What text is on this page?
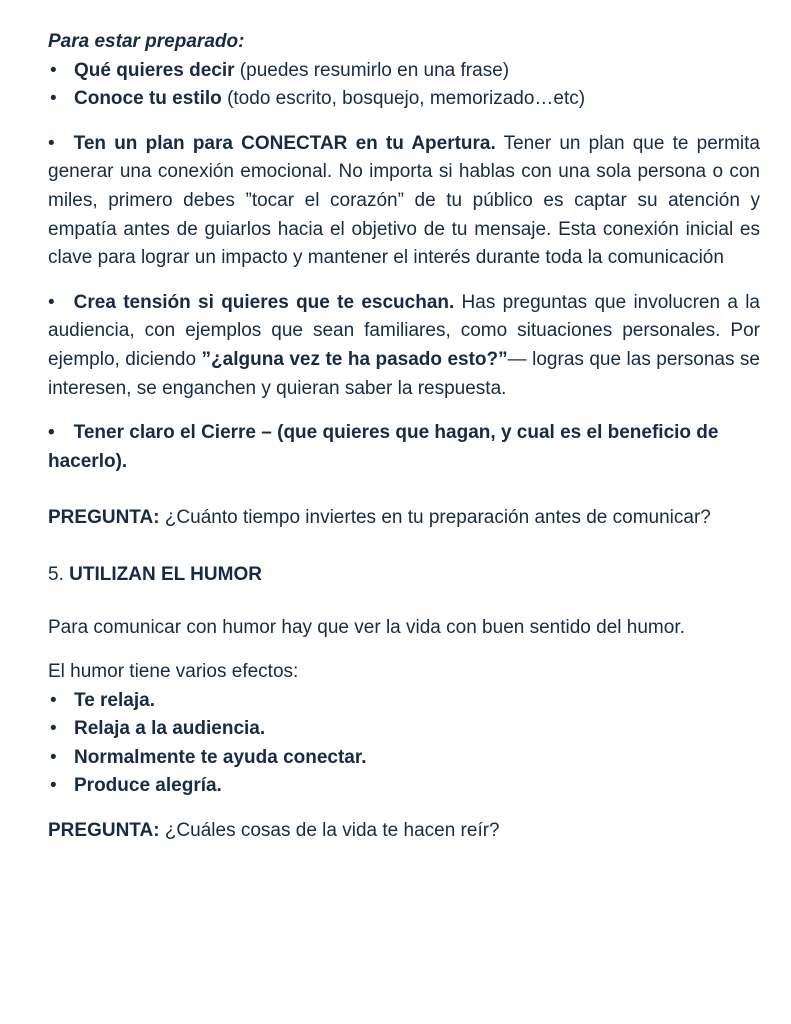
Para estar preparado:

• Qué quieres decir (puedes resumirlo en una frase)
• Conoce tu estilo (todo escrito, bosquejo, memorizado…etc)

•   Ten un plan para CONECTAR en tu Apertura. Tener un plan que te permita generar una conexión emocional. No importa si hablas con una sola persona o con miles, primero debes ”tocar el corazón” de tu público es captar su atención y empatía antes de guiarlos hacia el objetivo de tu mensaje. Esta conexión inicial es clave para lograr un impacto y mantener el interés durante toda la comunicación

•   Crea tensión si quieres que te escuchan. Has preguntas que involucren a la audiencia, con ejemplos que sean familiares, como situaciones personales. Por ejemplo, diciendo ”¿alguna vez te ha pasado esto?”— logras que las personas se interesen, se enganchen y quieran saber la respuesta.

•   Tener claro el Cierre – (que quieres que hagan, y cual es el beneficio de hacerlo).

PREGUNTA: ¿Cuánto tiempo inviertes en tu preparación antes de comunicar?

5. UTILIZAN EL HUMOR

Para comunicar con humor hay que ver la vida con buen sentido del humor.

El humor tiene varios efectos:

• Te relaja.
• Relaja a la audiencia.
• Normalmente te ayuda conectar.
• Produce alegría.

PREGUNTA: ¿Cuáles cosas de la vida te hacen reír?
